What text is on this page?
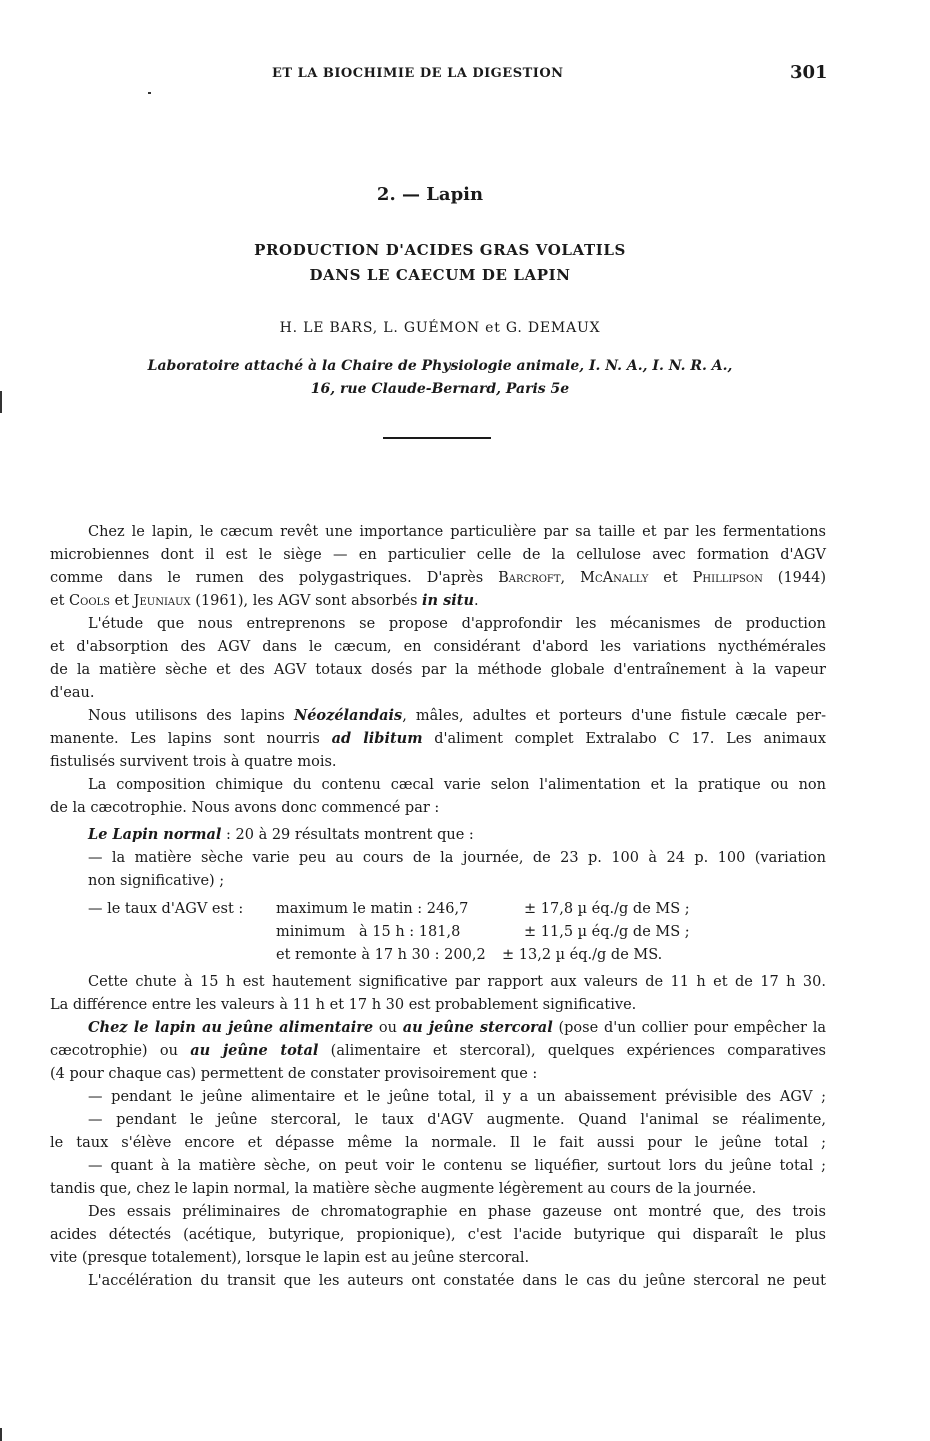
ET LA BIOCHIMIE DE LA DIGESTION	301
2. — Lapin
PRODUCTION D'ACIDES GRAS VOLATILS
DANS LE CAECUM DE LAPIN
H. LE BARS, L. GUÉMON et G. DEMAUX
Laboratoire attaché à la Chaire de Physiologie animale, I. N. A., I. N. R. A.,
16, rue Claude-Bernard, Paris 5e
Chez le lapin, le cæcum revêt une importance particulière par sa taille et par les fermentations
microbiennes dont il est le siège — en particulier celle de la cellulose avec formation d'AGV
comme dans le rumen des polygastriques. D'après Barcroft, McAnally et Phillipson (1944)
et Cools et Jeuniaux (1961), les AGV sont absorbés in situ.
L'étude que nous entreprenons se propose d'approfondir les mécanismes de production
et d'absorption des AGV dans le cæcum, en considérant d'abord les variations nycthémérales
de la matière sèche et des AGV totaux dosés par la méthode globale d'entraînement à la vapeur
d'eau.
Nous utilisons des lapins Néozélandais, mâles, adultes et porteurs d'une fistule cæcale per-
manente. Les lapins sont nourris ad libitum d'aliment complet Extralabo C 17. Les animaux
fistulisés survivent trois à quatre mois.
La composition chimique du contenu cæcal varie selon l'alimentation et la pratique ou non
de la cæcotrophie. Nous avons donc commencé par :
Le Lapin normal : 20 à 29 résultats montrent que :
— la matière sèche varie peu au cours de la journée, de 23 p. 100 à 24 p. 100 (variation
non significative) ;
— le taux d'AGV est : maximum le matin : 246,7	± 17,8 µ éq./g de MS ;
minimum   à 15 h : 181,8	± 11,5 µ éq./g de MS ;
et remonte à 17 h 30 : 200,2 ± 13,2 µ éq./g de MS.
Cette chute à 15 h est hautement significative par rapport aux valeurs de 11 h et de 17 h 30.
La différence entre les valeurs à 11 h et 17 h 30 est probablement significative.
Chez le lapin au jeûne alimentaire ou au jeûne stercoral (pose d'un collier pour empêcher la
cæcotrophie) ou au jeûne total (alimentaire et stercoral), quelques expériences comparatives
(4 pour chaque cas) permettent de constater provisoirement que :
— pendant le jeûne alimentaire et le jeûne total, il y a un abaissement prévisible des AGV ;
— pendant le jeûne stercoral, le taux d'AGV augmente. Quand l'animal se réalimente,
le taux s'élève encore et dépasse même la normale. Il le fait aussi pour le jeûne total ;
— quant à la matière sèche, on peut voir le contenu se liquéfier, surtout lors du jeûne total ;
tandis que, chez le lapin normal, la matière sèche augmente légèrement au cours de la journée.
Des essais préliminaires de chromatographie en phase gazeuse ont montré que, des trois
acides détectés (acétique, butyrique, propionique), c'est l'acide butyrique qui disparaît le plus
vite (presque totalement), lorsque le lapin est au jeûne stercoral.
L'accélération du transit que les auteurs ont constatée dans le cas du jeûne stercoral ne peut
